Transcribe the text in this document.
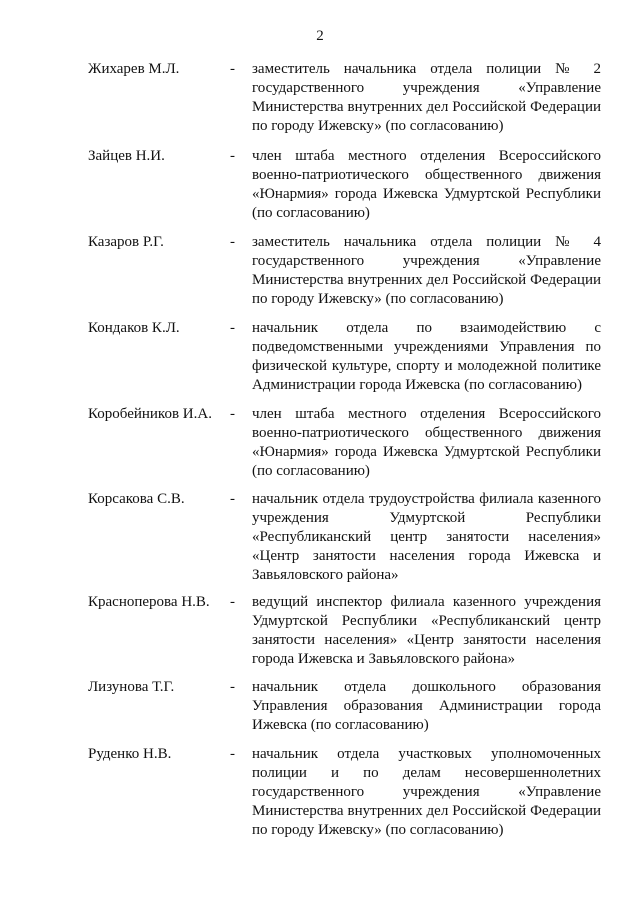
2
Жихарев М.Л.	- заместитель начальника отдела полиции № 2
государственного учреждения «Управление
Министерства внутренних дел Российской Федерации
по городу Ижевску» (по согласованию)
Зайцев Н.И.	- член штаба местного отделения Всероссийского
военно-патриотического общественного движения
«Юнармия» города Ижевска Удмуртской Республики
(по согласованию)
Казаров Р.Г.	- заместитель начальника отдела полиции № 4
государственного учреждения «Управление
Министерства внутренних дел Российской Федерации
по городу Ижевску» (по согласованию)
Кондаков К.Л.	- начальник отдела по взаимодействию с
подведомственными учреждениями Управления по
физической культуре, спорту и молодежной политике
Администрации города Ижевска (по согласованию)
Коробейников И.А. - член штаба местного отделения Всероссийского
военно-патриотического общественного движения
«Юнармия» города Ижевска Удмуртской Республики
(по согласованию)
Корсакова С.В.	- начальник отдела трудоустройства филиала казенного
учреждения Удмуртской Республики
«Республиканский центр занятости населения»
«Центр занятости населения города Ижевска и
Завьяловского района»
Красноперова Н.В. - ведущий инспектор филиала казенного учреждения
Удмуртской Республики «Республиканский центр
занятости населения» «Центр занятости населения
города Ижевска и Завьяловского района»
Лизунова Т.Г.	- начальник отдела дошкольного образования
Управления образования Администрации города
Ижевска (по согласованию)
Руденко Н.В.	- начальник отдела участковых уполномоченных
полиции и по делам несовершеннолетних
государственного учреждения «Управление
Министерства внутренних дел Российской Федерации
по городу Ижевску» (по согласованию)
